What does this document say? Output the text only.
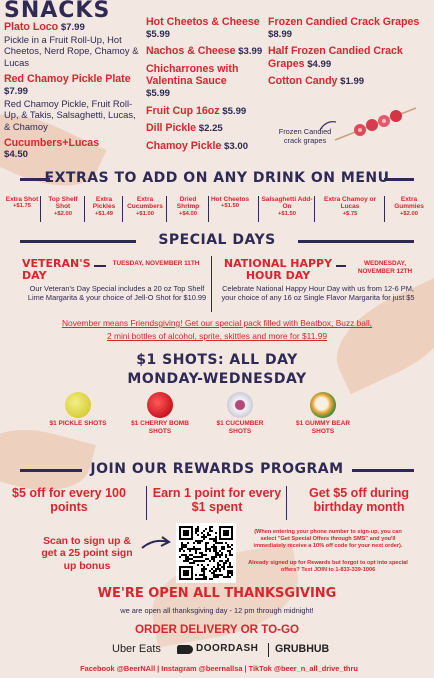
SNACKS
Plato Loco $7.99
Pickle in a Fruit Roll-Up, Hot Cheetos, Nerd Rope, Chamoy & Lucas
Red Chamoy Pickle Plate $7.99
Red Chamoy Pickle, Fruit Roll-Up, & Takis, Salsaghetti, Lucas, & Chamoy
Cucumbers+Lucas
$4.50
Hot Cheetos & Cheese $5.99
Nachos & Cheese $3.99
Chicharrones with Valentina Sauce
$5.99
Fruit Cup 16oz $5.99
Dill Pickle $2.25
Chamoy Pickle $3.00
Frozen Candied Crack Grapes $8.99
Half Frozen Candied Crack Grapes $4.99
Cotton Candy $1.99
Frozen Candied crack grapes
EXTRAS TO ADD ON ANY DRINK ON MENU
Extra Shot
+$1.75
Top Shelf Shot
+$2.00
Extra Pickles
+$1.49
Extra Cucumbers
+$1.00
Dried Shrimp
+$4.00
Hot Cheetos
+$1.50
Salsaghetti Add-On
+$1.50
Extra Chamoy or Lucas
+$.75
Extra Gummies
+$2.00
SPECIAL DAYS
VETERAN'S DAY
TUESDAY, NOVEMBER 11TH
Our Veteran's Day Special includes a 20 oz Top Shelf Lime Margarita & your choice of Jell-O Shot for $10.99
NATIONAL HAPPY HOUR DAY
WEDNESDAY, NOVEMBER 12TH
Celebrate National Happy Hour Day with us from 12-6 PM, your choice of any 16 oz Single Flavor Margarita for just $5
November means Friendsgiving! Get our special pack filled with Beatbox, Buzz ball,
2 mini bottles of alcohol, sprite, skittles and more for $11.99
$1 SHOTS: ALL DAY
MONDAY-WEDNESDAY
$1 PICKLE SHOTS	$1 CHERRY BOMB SHOTS
$1 CUCUMBER SHOTS
$1 GUMMY BEAR SHOTS
JOIN OUR REWARDS PROGRAM
$5 off for every 100 points
Earn 1 point for every $1 spent
Get $5 off during birthday month
Scan to sign up & get a 25 point sign up bonus
(When entering your phone number to sign-up, you can select "Get Special Offers through SMS" and you'll immediately receive a 10% off code for your next order).
Already signed up for Rewards but forgot to opt into special offers? Text JOIN to 1-833-339-1006
WE'RE OPEN ALL THANKSGIVING
we are open all thanksgiving day - 12 pm through midnight!
ORDER DELIVERY OR TO-GO
Uber Eats	DOORDASH GRUBHUB
Facebook @BeerNAll | Instagram @beernallsa | TikTok @beer_n_all_drive_thru
